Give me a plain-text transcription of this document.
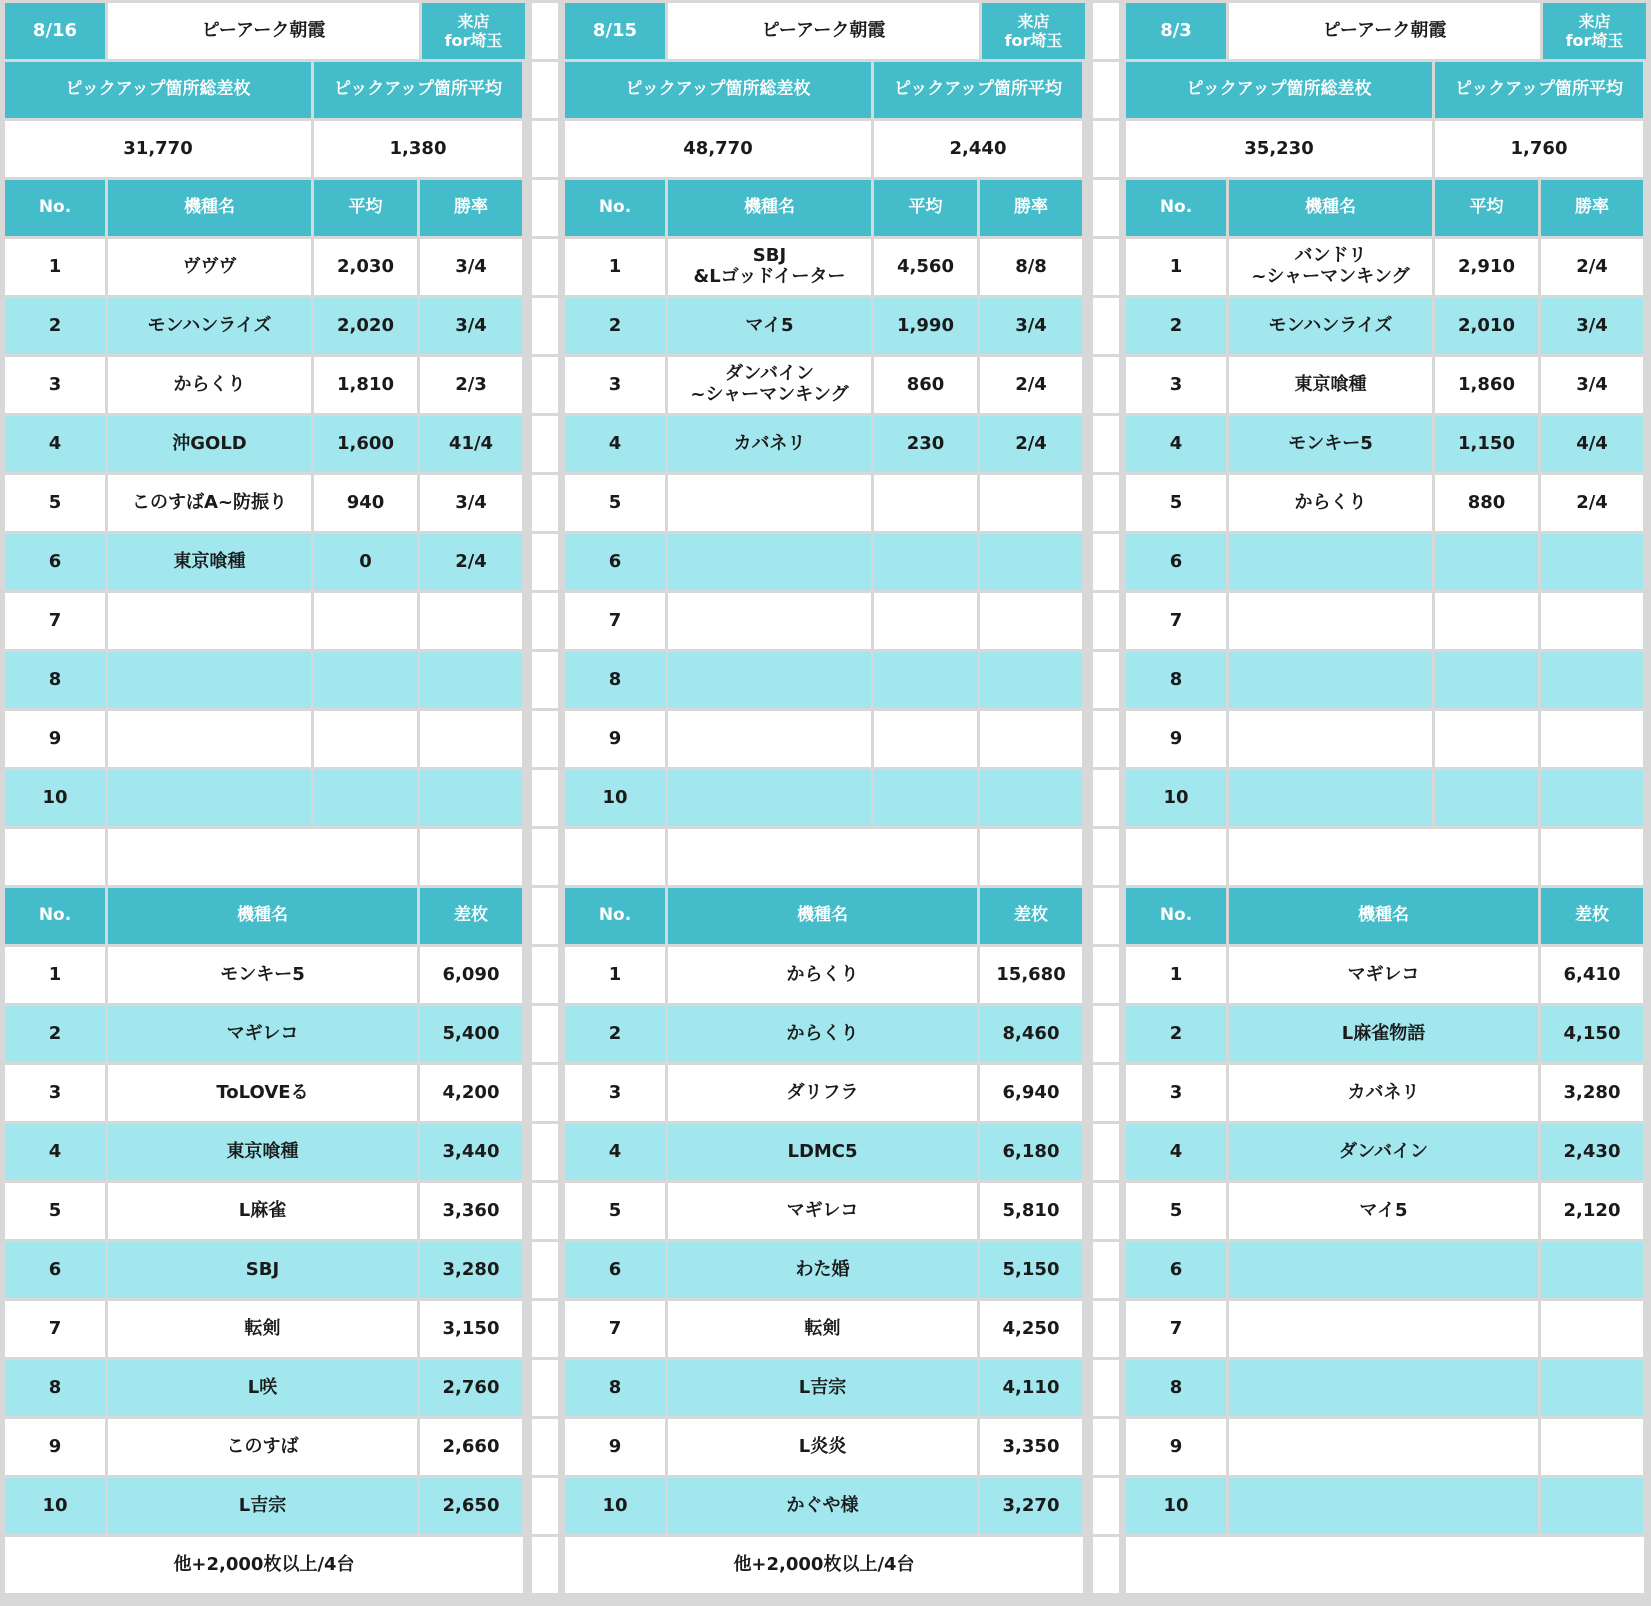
8/16	ピーアーク朝霞	来店
for埼玉
ピックアップ箇所総差枚	ピックアップ箇所平均
31,770	1,380
No.	機種名	平均	勝率
1	ヴヴヴ	2,030	3/4
2	モンハンライズ	2,020	3/4
3	からくり	1,810	2/3
4	沖GOLD	1,600	41/4
5	このすばA~防振り	940	3/4
6	東京喰種	0	2/4
7
8
9
10
No.	機種名	差枚
1	モンキー5	6,090
2	マギレコ	5,400
3	ToLOVEる	4,200
4	東京喰種	3,440
5	L麻雀	3,360
6	SBJ	3,280
7	転剣	3,150
8	L咲	2,760
9	このすば	2,660
10	L吉宗	2,650
他+2,000枚以上/4台
8/15	ピーアーク朝霞	来店
for埼玉
ピックアップ箇所総差枚	ピックアップ箇所平均
48,770	2,440
No.	機種名	平均	勝率
1	SBJ
&Lゴッドイーター	4,560	8/8
2	マイ5	1,990	3/4
3	ダンバイン
~シャーマンキング	860	2/4
4	カバネリ	230	2/4
5
6
7
8
9
10
No.	機種名	差枚
1	からくり	15,680
2	からくり	8,460
3	ダリフラ	6,940
4	LDMC5	6,180
5	マギレコ	5,810
6	わた婚	5,150
7	転剣	4,250
8	L吉宗	4,110
9	L炎炎	3,350
10	かぐや様	3,270
他+2,000枚以上/4台
8/3	ピーアーク朝霞	来店
for埼玉
ピックアップ箇所総差枚	ピックアップ箇所平均
35,230	1,760
No.	機種名	平均	勝率
1	バンドリ
~シャーマンキング	2,910	2/4
2	モンハンライズ	2,010	3/4
3	東京喰種	1,860	3/4
4	モンキー5	1,150	4/4
5	からくり	880	2/4
6
7
8
9
10
No.	機種名	差枚
1	マギレコ	6,410
2	L麻雀物語	4,150
3	カバネリ	3,280
4	ダンバイン	2,430
5	マイ5	2,120
6
7
8
9
10
